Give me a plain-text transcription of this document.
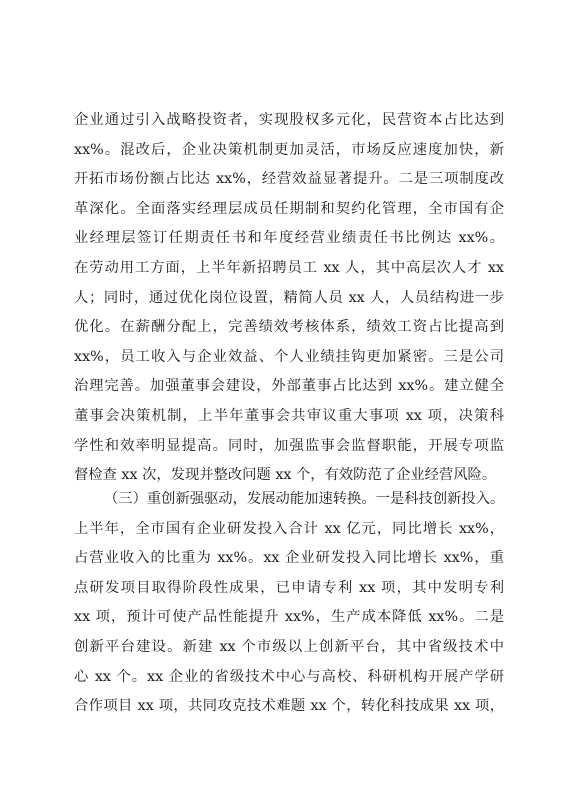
企业通过引入战略投资者，实现股权多元化，民营资本占比达到
xx%。混改后，企业决策机制更加灵活，市场反应速度加快，新
开拓市场份额占比达 xx%，经营效益显著提升。二是三项制度改
革深化。全面落实经理层成员任期制和契约化管理，全市国有企
业经理层签订任期责任书和年度经营业绩责任书比例达 xx%。
在劳动用工方面，上半年新招聘员工 xx 人，其中高层次人才 xx
人；同时，通过优化岗位设置，精简人员 xx 人，人员结构进一步
优化。在薪酬分配上，完善绩效考核体系，绩效工资占比提高到
xx%，员工收入与企业效益、个人业绩挂钩更加紧密。三是公司
治理完善。加强董事会建设，外部董事占比达到 xx%。建立健全
董事会决策机制，上半年董事会共审议重大事项 xx 项，决策科
学性和效率明显提高。同时，加强监事会监督职能，开展专项监
督检查 xx 次，发现并整改问题 xx 个，有效防范了企业经营风险。
（三）重创新强驱动，发展动能加速转换。一是科技创新投入。
上半年，全市国有企业研发投入合计 xx 亿元，同比增长 xx%，
占营业收入的比重为 xx%。xx 企业研发投入同比增长 xx%，重
点研发项目取得阶段性成果，已申请专利 xx 项，其中发明专利
xx 项，预计可使产品性能提升 xx%，生产成本降低 xx%。二是
创新平台建设。新建 xx 个市级以上创新平台，其中省级技术中
心 xx 个。xx 企业的省级技术中心与高校、科研机构开展产学研
合作项目 xx 项，共同攻克技术难题 xx 个，转化科技成果 xx 项，
